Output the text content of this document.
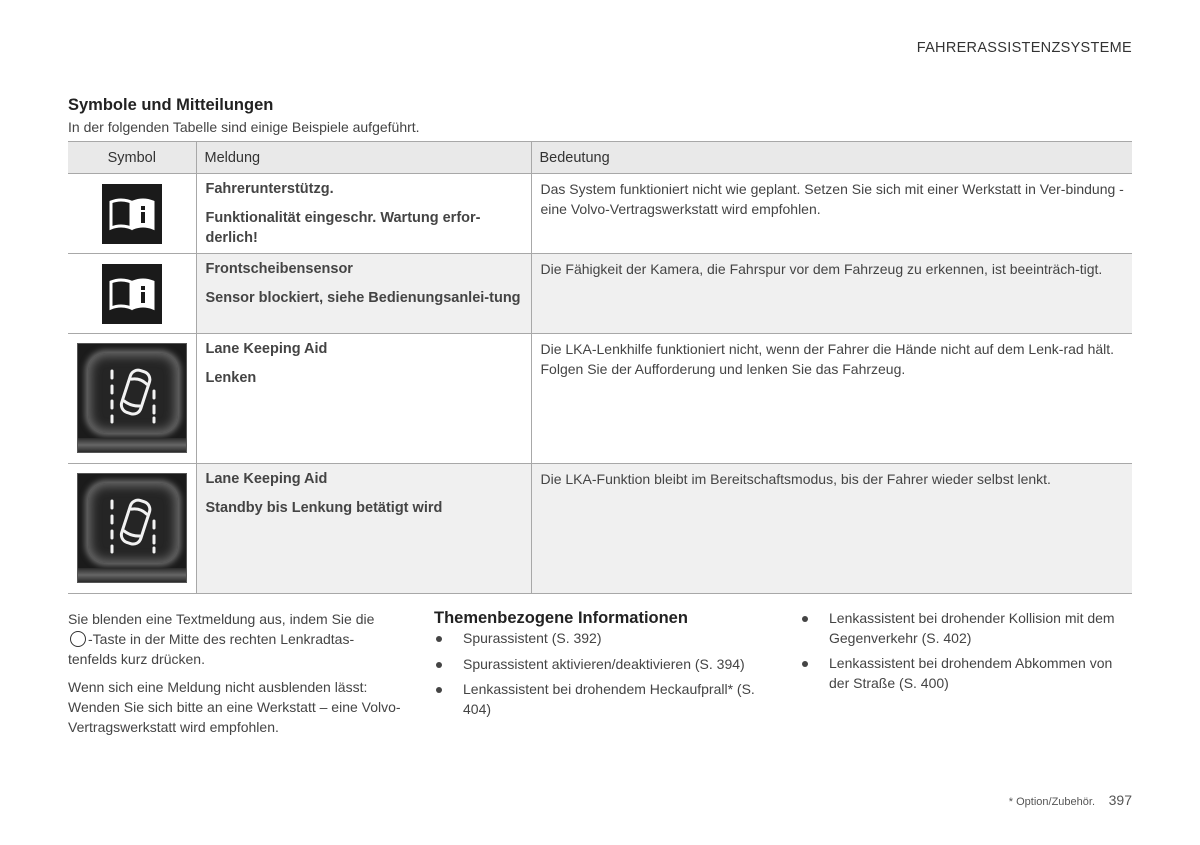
FAHRERASSISTENZSYSTEME
Symbole und Mitteilungen
In der folgenden Tabelle sind einige Beispiele aufgeführt.
Symbol	Meldung	Bedeutung

Fahrerunterstützg.
Funktionalität eingeschr. Wartung erfor-derlich!	Das System funktioniert nicht wie geplant. Setzen Sie sich mit einer Werkstatt in Ver-bindung - eine Volvo-Vertragswerkstatt wird empfohlen.

Frontscheibensensor
Sensor blockiert, siehe Bedienungsanlei-tung	Die Fähigkeit der Kamera, die Fahrspur vor dem Fahrzeug zu erkennen, ist beeinträch-tigt.

Lane Keeping Aid
Lenken	Die LKA-Lenkhilfe funktioniert nicht, wenn der Fahrer die Hände nicht auf dem Lenk-rad hält. Folgen Sie der Aufforderung und lenken Sie das Fahrzeug.

Lane Keeping Aid
Standby bis Lenkung betätigt wird	Die LKA-Funktion bleibt im Bereitschaftsmodus, bis der Fahrer wieder selbst lenkt.

Sie blenden eine Textmeldung aus, indem Sie die
-Taste in der Mitte des rechten Lenkradtas-tenfelds kurz drücken.

Wenn sich eine Meldung nicht ausblenden lässt: Wenden Sie sich bitte an eine Werkstatt – eine Volvo-Vertragswerkstatt wird empfohlen.

Themenbezogene Informationen
Spurassistent (S. 392)
Spurassistent aktivieren/deaktivieren (S. 394)
Lenkassistent bei drohendem Heckaufprall* (S. 404)
Lenkassistent bei drohender Kollision mit dem Gegenverkehr (S. 402)
Lenkassistent bei drohendem Abkommen von der Straße (S. 400)
* Option/Zubehör. 397
